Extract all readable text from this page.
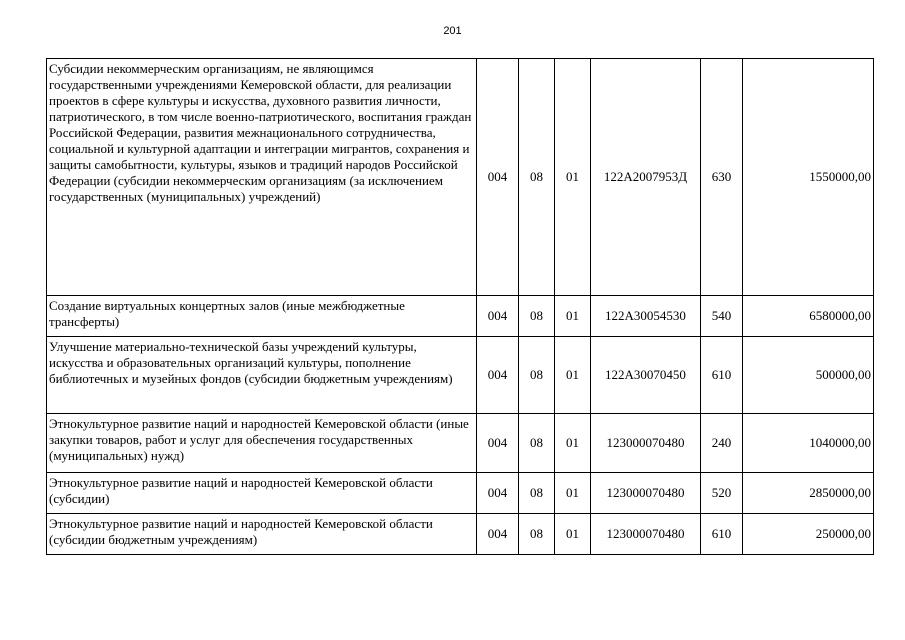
201
Субсидии некоммерческим организациям, не являющимся государственными учреждениями Кемеровской области, для реализации проектов в сфере культуры и искусства, духовного развития личности, патриотического, в том числе военно-патриотического, воспитания граждан Российской Федерации, развития межнационального сотрудничества, социальной и культурной адаптации и интеграции мигрантов, сохранения и защиты самобытности, культуры, языков и традиций народов Российской Федерации (субсидии некоммерческим организациям (за исключением государственных (муниципальных) учреждений)	004	08	01	122А2007953Д	630	1550000,00
Создание виртуальных концертных залов (иные межбюджетные трансферты)	004	08	01	122А30054530	540	6580000,00
Улучшение материально-технической базы учреждений культуры, искусства и образовательных организаций культуры, пополнение библиотечных и музейных фондов (субсидии бюджетным учреждениям)	004	08	01	122А30070450	610	500000,00
Этнокультурное развитие наций и народностей Кемеровской области (иные закупки товаров, работ и услуг для обеспечения государственных (муниципальных) нужд)	004	08	01	123000070480	240	1040000,00
Этнокультурное развитие наций и народностей Кемеровской области (субсидии)	004	08	01	123000070480	520	2850000,00
Этнокультурное развитие наций и народностей Кемеровской области (субсидии бюджетным учреждениям)	004	08	01	123000070480	610	250000,00
